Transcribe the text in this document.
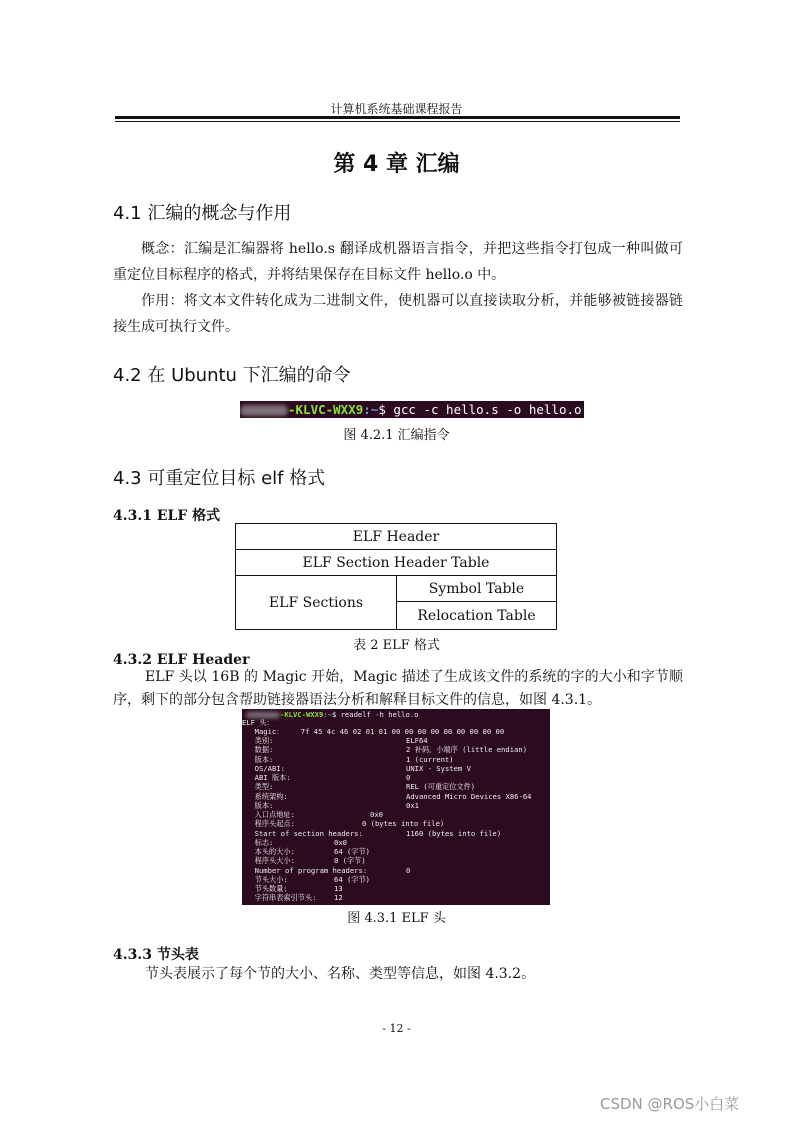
计算机系统基础课程报告
第 4 章 汇编
4.1 汇编的概念与作用
概念：汇编是汇编器将 hello.s 翻译成机器语言指令，并把这些指令打包成一种叫做可重定位目标程序的格式，并将结果保存在目标文件 hello.o 中。
作用：将文本文件转化成为二进制文件，使机器可以直接读取分析，并能够被链接器链接生成可执行文件。
4.2 在 Ubuntu 下汇编的命令
-KLVC-WXX9:~$ gcc -c hello.s -o hello.o
图 4.2.1 汇编指令
4.3 可重定位目标 elf 格式
4.3.1 ELF 格式
ELF Header
ELF Section Header Table
ELF Sections	Symbol Table
Relocation Table
表 2 ELF 格式
4.3.2 ELF Header
ELF 头以 16B 的 Magic 开始，Magic 描述了生成该文件的系统的字的大小和字节顺序，剩下的部分包含帮助链接器语法分析和解释目标文件的信息，如图 4.3.1。
-KLVC-WXX9:~$ readelf -h hello.o
ELF 头：
Magic：    7f 45 4c 46 02 01 01 00 00 00 00 00 00 00 00 00
类别:	ELF64
数据:	2 补码，小端序 (little endian)
版本:	1 (current)
OS/ABI:	UNIX - System V
ABI 版本:	0
类型:	REL (可重定位文件)
系统架构:	Advanced Micro Devices X86-64
版本:	0x1
入口点地址:	0x0
程序头起点:	0 (bytes into file)
Start of section headers:	1160 (bytes into file)
标志:	0x0
本头的大小:	64 (字节)
程序头大小:	0 (字节)
Number of program headers:	0
节头大小:	64 (字节)
节头数量:	13
字符串表索引节头: 12
图 4.3.1 ELF 头
4.3.3 节头表
节头表展示了每个节的大小、名称、类型等信息，如图 4.3.2。
- 12 -
CSDN @ROS小白菜
